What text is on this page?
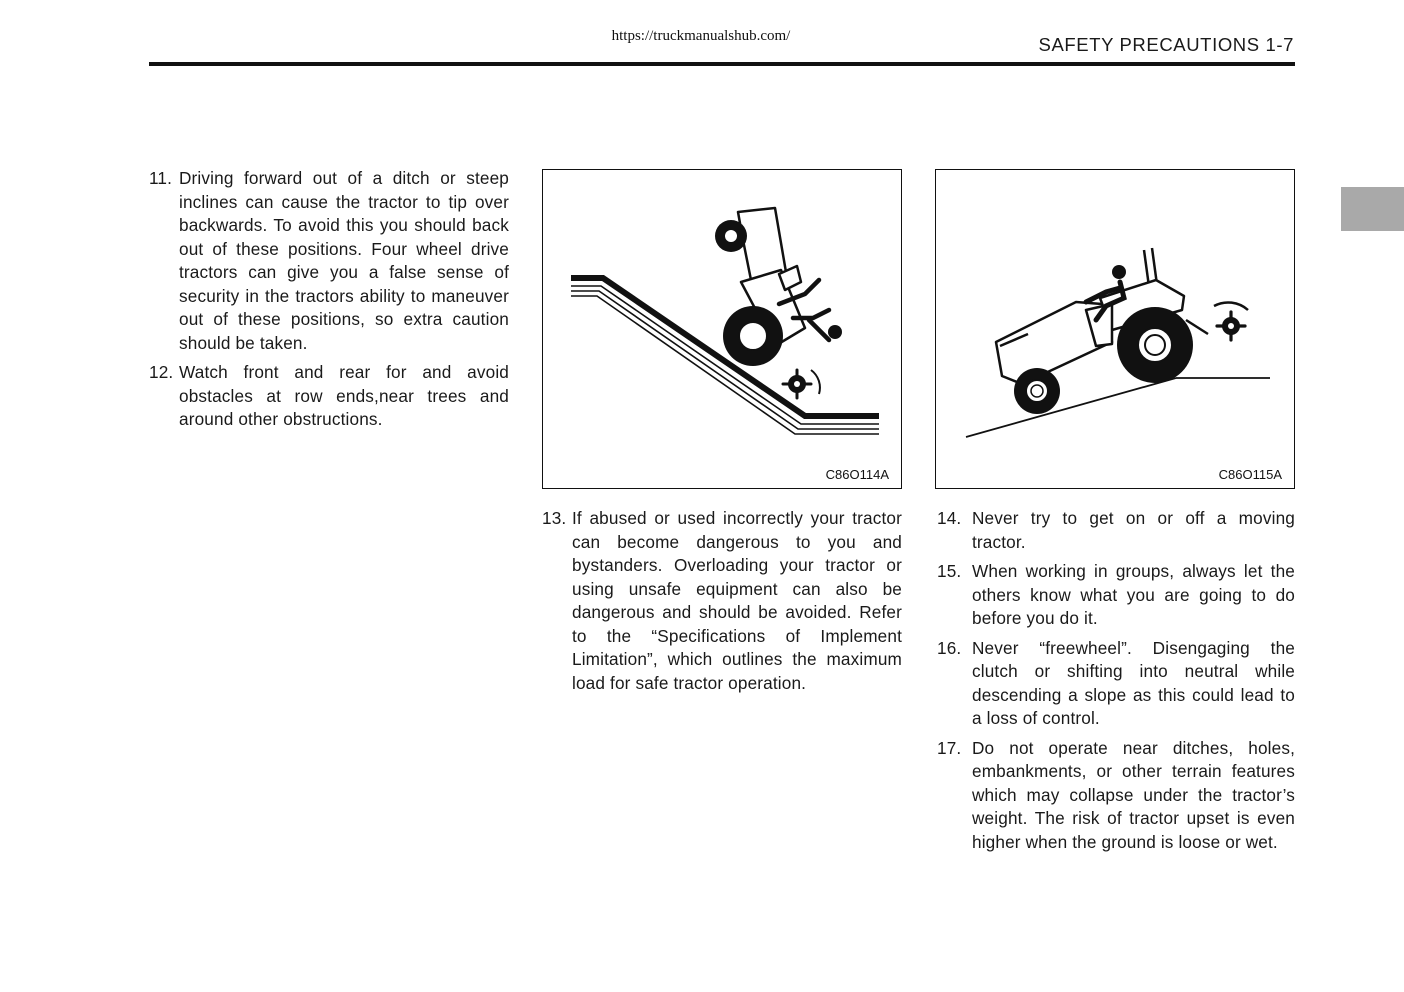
https://truckmanualshub.com/	SAFETY PRECAUTIONS 1-7
11. Driving forward out of a ditch or steep inclines can cause the tractor to tip over backwards. To avoid this you should back out of these positions. Four wheel drive tractors can give you a false sense of security in the tractors ability to maneuver out of these positions, so extra caution should be taken.
12. Watch front and rear for and avoid obstacles at row ends,near trees and around other obstructions.
C86O114A	C86O115A
13. If abused or used incorrectly your tractor can become dangerous to you and bystanders. Overloading your tractor or using unsafe equipment can also be dangerous and should be avoided. Refer to the “Specifications of Implement Limitation”, which outlines the maximum load for safe tractor operation.
14. Never try to get on or off a moving tractor.
15. When working in groups, always let the others know what you are going to do before you do it.
16. Never “freewheel”. Disengaging the clutch or shifting into neutral while descending a slope as this could lead to a loss of control.
17. Do not operate near ditches, holes, embankments, or other terrain features which may collapse under the tractor’s weight. The risk of tractor upset is even higher when the ground is loose or wet.
